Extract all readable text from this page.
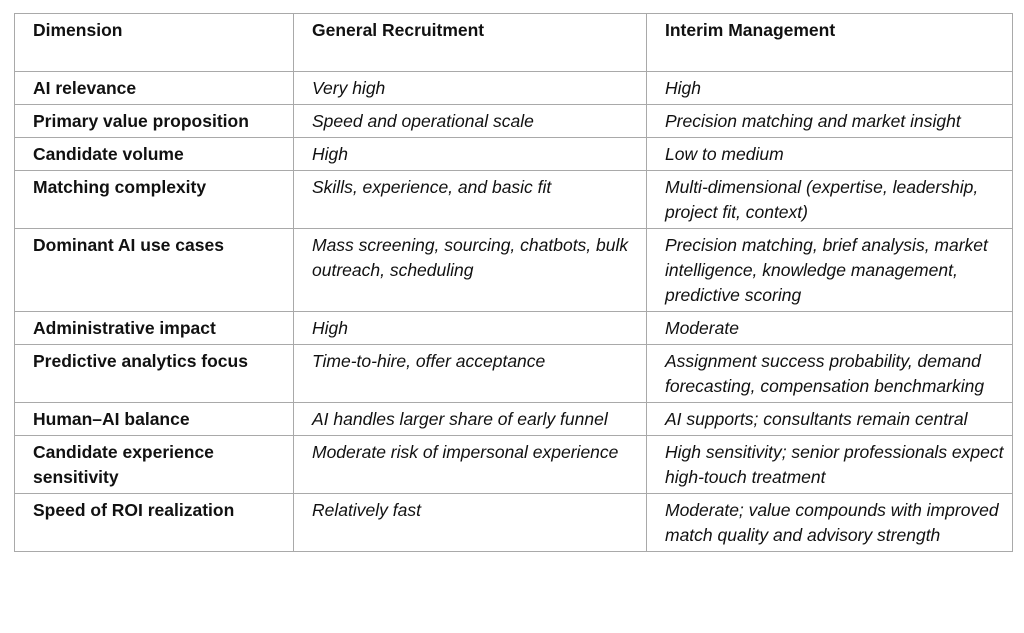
Dimension	General Recruitment	Interim Management
AI relevance	Very high	High
Primary value proposition	Speed and operational scale	Precision matching and market insight
Candidate volume	High	Low to medium
Matching complexity	Skills, experience, and basic fit	Multi-dimensional (expertise, leadership, project fit, context)
Dominant AI use cases	Mass screening, sourcing, chatbots, bulk outreach, scheduling	Precision matching, brief analysis, market intelligence, knowledge management, predictive scoring
Administrative impact	High	Moderate
Predictive analytics focus	Time-to-hire, offer acceptance	Assignment success probability, demand forecasting, compensation benchmarking
Human–AI balance	AI handles larger share of early funnel	AI supports; consultants remain central
Candidate experience sensitivity	Moderate risk of impersonal experience	High sensitivity; senior professionals expect high-touch treatment
Speed of ROI realization	Relatively fast	Moderate; value compounds with improved match quality and advisory strength
